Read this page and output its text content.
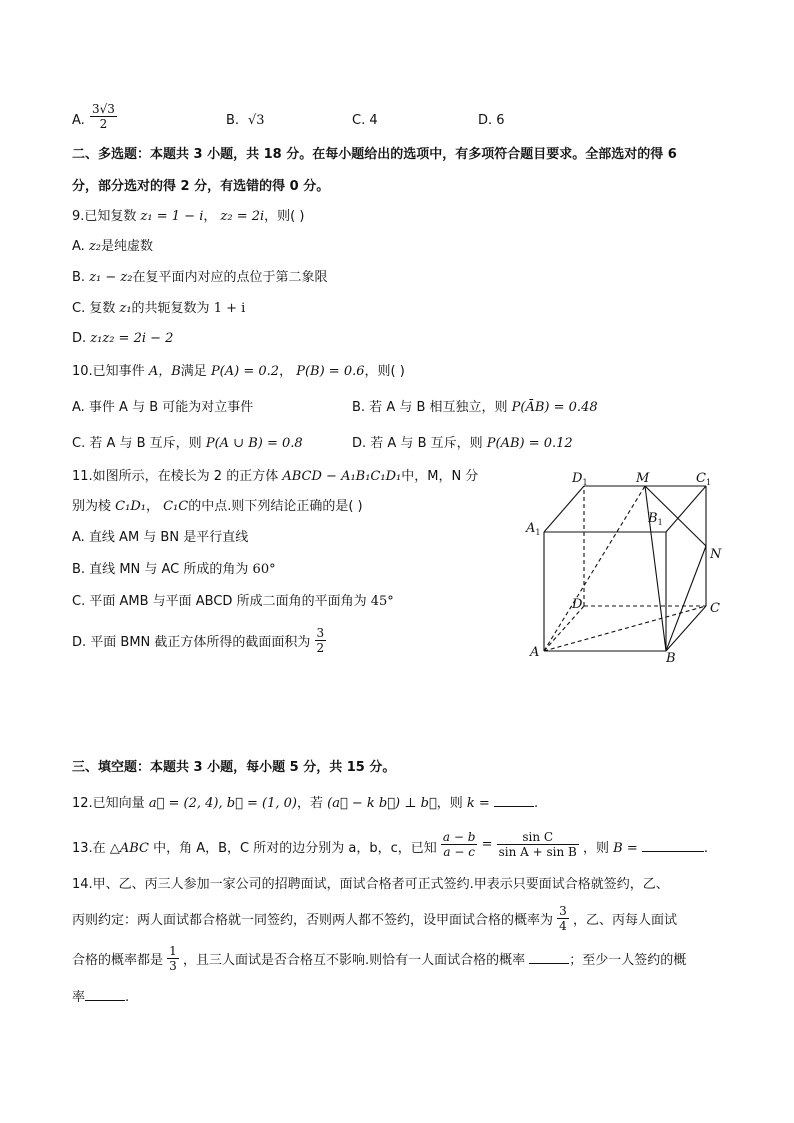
A. $\frac{3√3}{2}$	B. √3	C. 4	D. 6
二、多选题：本题共 3 小题，共 18 分。在每小题给出的选项中，有多项符合题目要求。全部选对的得 6
分，部分选对的得 2 分，有选错的得 0 分。
9.已知复数 z₁ = 1 − i， z₂ = 2i，则( )
A. z₂是纯虚数
B. z₁ − z₂在复平面内对应的点位于第二象限
C. 复数 z₁的共轭复数为 1 + i
D. z₁z₂ = 2i − 2
10.已知事件 A，B满足 P(A) = 0.2， P(B) = 0.6，则( )
A. 事件 A 与 B 可能为对立事件	B. 若 A 与 B 相互独立，则 P(ĀB) = 0.48
C. 若 A 与 B 互斥，则 P(A ∪ B) = 0.8	D. 若 A 与 B 互斥，则 P(AB) = 0.12
11.如图所示，在棱长为 2 的正方体 ABCD − A₁B₁C₁D₁中，M，N 分
别为棱 C₁D₁， C₁C的中点.则下列结论正确的是( )
A. 直线 AM 与 BN 是平行直线
B. 直线 MN 与 AC 所成的角为 60°
C. 平面 AMB 与平面 ABCD 所成二面角的平面角为 45°
D. 平面 BMN 截正方体所得的截面面积为 $\frac{3}{2}$
$D_1$	M	$C_1$
$A_1$
$B_1$
N
D	C
A	B
三、填空题：本题共 3 小题，每小题 5 分，共 15 分。
12.已知向量 a⃗ = (2, 4), b⃗ = (1, 0)，若 (a⃗ − k b⃗) ⊥ b⃗，则 k =	.
13.在 △ABC 中，角 A，B，C 所对的边分别为 a，b，c，已知 $\frac{a - b}{a - c} = \frac{\text{sin C}}{\text{sin A + sin B}}$ ，则 B =	.
14.甲、乙、丙三人参加一家公司的招聘面试，面试合格者可正式签约.甲表示只要面试合格就签约，乙、
丙则约定：两人面试都合格就一同签约，否则两人都不签约，设甲面试合格的概率为 $\frac{3}{4}$ ，乙、丙每人面试
合格的概率都是 $\frac{1}{3}$ ，且三人面试是否合格互不影响.则恰有一人面试合格的概率	；至少一人签约的概
率	.
